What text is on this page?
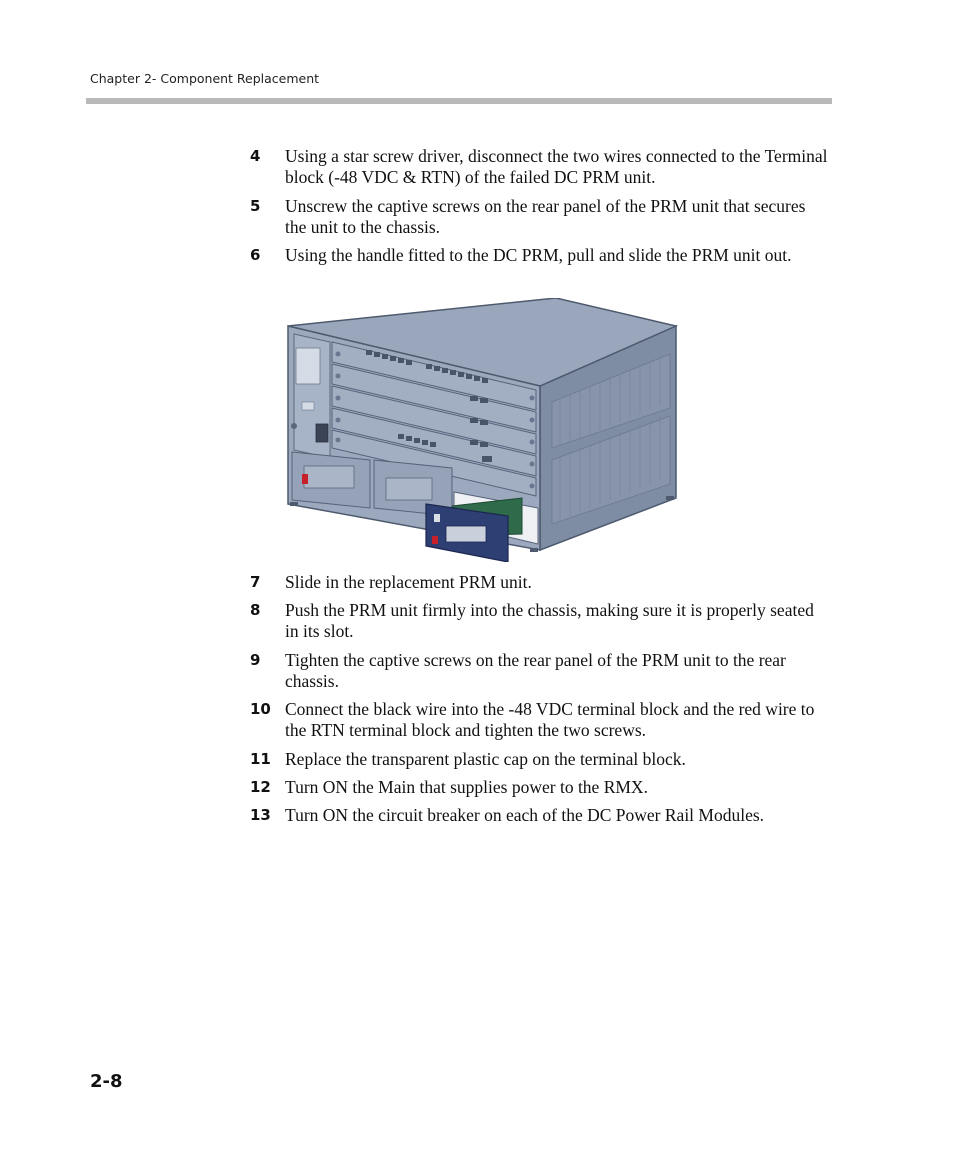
Chapter 2- Component Replacement
4 Using a star screw driver, disconnect the two wires connected to the Terminal block (-48 VDC & RTN) of the failed DC PRM unit.
5 Unscrew the captive screws on the rear panel of the PRM unit that secures the unit to the chassis.
6 Using the handle fitted to the DC PRM, pull and slide the PRM unit out.
7 Slide in the replacement PRM unit.
8 Push the PRM unit firmly into the chassis, making sure it is properly seated in its slot.
9 Tighten the captive screws on the rear panel of the PRM unit to the rear chassis.
10 Connect the black wire into the -48 VDC terminal block and the red wire to the RTN terminal block and tighten the two screws.
11 Replace the transparent plastic cap on the terminal block.
12 Turn ON the Main that supplies power to the RMX.
13 Turn ON the circuit breaker on each of the DC Power Rail Modules.
2-8
